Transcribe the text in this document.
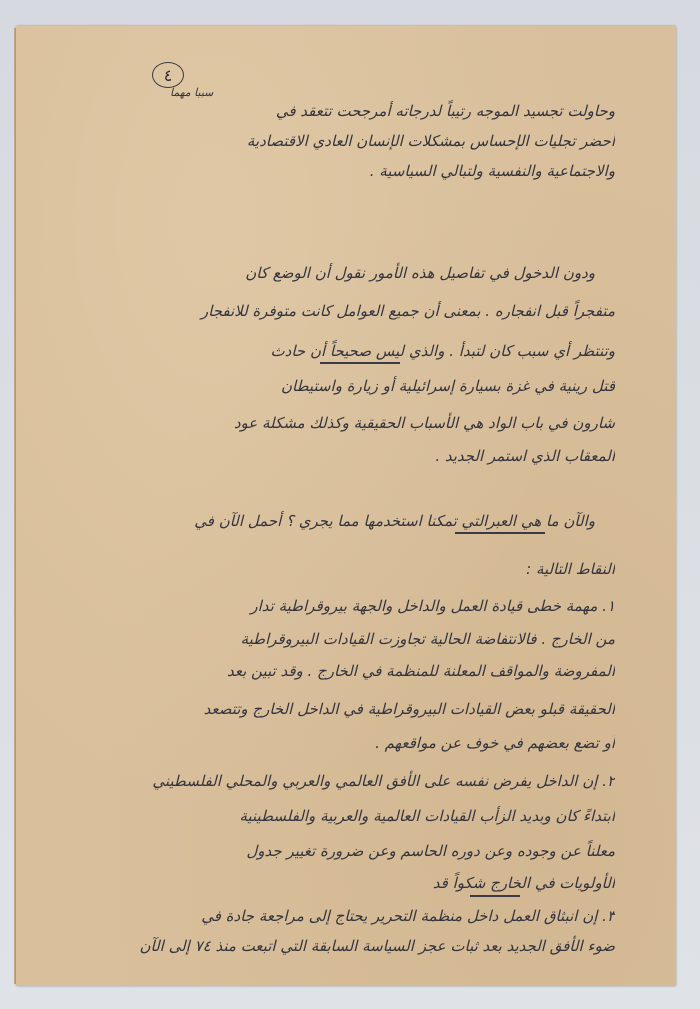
٤
سببا مهما
وحاولت تجسيد الموجه رتيباً لدرجاته أمرجحت تتعقد في
أحضر تجليات الإحساس بمشكلات الإنسان العادي الاقتصادية
والاجتماعية والنفسية ولتبالي السياسية .
ودون الدخول في تفاصيل هذه الأمور نقول أن الوضع كان
متفجراً قبل انفجاره . بمعنى أن جميع العوامل كانت متوفرة للانفجار
وتنتظر أي سبب كان لتبدأ . والذي ليس صحيحاً أن حادث
قتل رينية في غزة بسيارة إسرائيلية أو زيارة واستيطان
شارون في باب الواد هي الأسباب الحقيقية وكذلك مشكلة عود
المعقاب الذي استمر الجديد .
والآن ما هي العبرالتي تمكنا استخدمها مما يجري ؟ أحمل الآن في
النقاط التالية :
١. مهمة خطى قيادة العمل والداخل والجهة بيروقراطية تدار
من الخارج . فالانتفاضة الحالية تجاوزت القيادات البيروقراطية
المفروضة والمواقف المعلنة للمنظمة في الخارج . وقد تبين بعد
الحقيقة قبلو بعض القيادات البيروقراطية في الداخل الخارج وتتصعد
أو تضع بعضهم في خوف عن مواقعهم .
٢. إن الداخل يفرض نفسه على الأفق العالمي والعربي والمحلي الفلسطيني
ابتداءً كان وبديد الزأب القيادات العالمية والعربية والفلسطينية
معلناً عن وجوده وعن دوره الحاسم وعن ضرورة تغيير جدول
الأولويات في الخارج شكواً قد
٣. إن انبثاق العمل داخل منظمة التحرير يحتاج إلى مراجعة جادة في
ضوء الأفق الجديد بعد ثبات عجز السياسة السابقة التي اتبعت منذ ٧٤ إلى الآن
